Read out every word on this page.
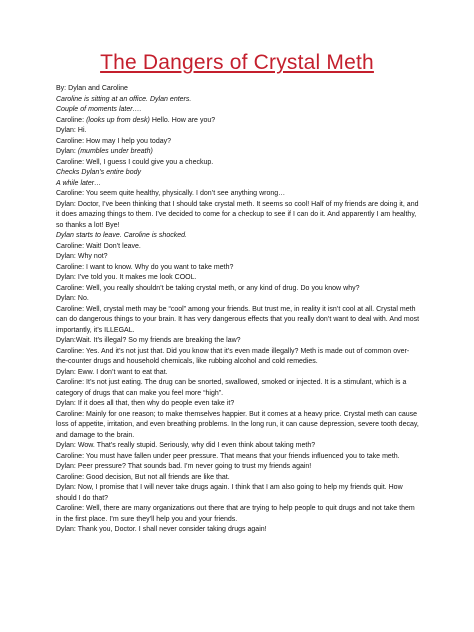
The Dangers of Crystal Meth
By: Dylan and Caroline
Caroline is sitting at an office. Dylan enters.
Couple of moments later….
Caroline: (looks up from desk) Hello. How are you?
Dylan: Hi.
Caroline: How may I help you today?
Dylan: (mumbles under breath)
Caroline: Well, I guess I could give you a checkup.
Checks Dylan’s entire body
A while later…
Caroline: You seem quite healthy, physically. I don’t see anything wrong…
Dylan: Doctor, I’ve been thinking that I should take crystal meth. It seems so cool! Half of my friends are doing it, and it does amazing things to them. I’ve decided to come for a checkup to see if I can do it. And apparently I am healthy, so thanks a lot! Bye!
Dylan starts to leave. Caroline is shocked.
Caroline: Wait! Don’t leave.
Dylan: Why not?
Caroline: I want to know. Why do you want to take meth?
Dylan: I’ve told you. It makes me look COOL.
Caroline: Well, you really shouldn’t be taking crystal meth, or any kind of drug. Do you know why?
Dylan: No.
Caroline: Well, crystal meth may be “cool” among your friends. But trust me, in reality it isn’t cool at all. Crystal meth can do dangerous things to your brain. It has very dangerous effects that you really don’t want to deal with. And most importantly, it’s ILLEGAL.
Dylan:Wait. It’s illegal? So my friends are breaking the law?
Caroline: Yes. And it’s not just that. Did you know that it’s even made illegally? Meth is made out of common over-the-counter drugs and household chemicals, like rubbing alcohol and cold remedies.
Dylan: Eww. I don’t want to eat that.
Caroline: It’s not just eating. The drug can be snorted, swallowed, smoked or injected. It is a stimulant, which is a category of drugs that can make you feel more “high”.
Dylan: If it does all that, then why do people even take it?
Caroline: Mainly for one reason; to make themselves happier. But it comes at a heavy price. Crystal meth can cause loss of appetite, irritation, and even breathing problems. In the long run, it can cause depression, severe tooth decay, and damage to the brain.
Dylan: Wow. That’s really stupid. Seriously, why did I even think about taking meth?
Caroline: You must have fallen under peer pressure. That means that your friends influenced you to take meth.
Dylan: Peer pressure? That sounds bad. I’m never going to trust my friends again!
Caroline: Good decision, But not all friends are like that.
Dylan: Now, I promise that I will never take drugs again. I think that I am also going to help my friends quit. How should I do that?
Caroline: Well, there are many organizations out there that are trying to help people to quit drugs and not take them in the first place. I’m sure they’ll help you and your friends.
Dylan: Thank you, Doctor. I shall never consider taking drugs again!
